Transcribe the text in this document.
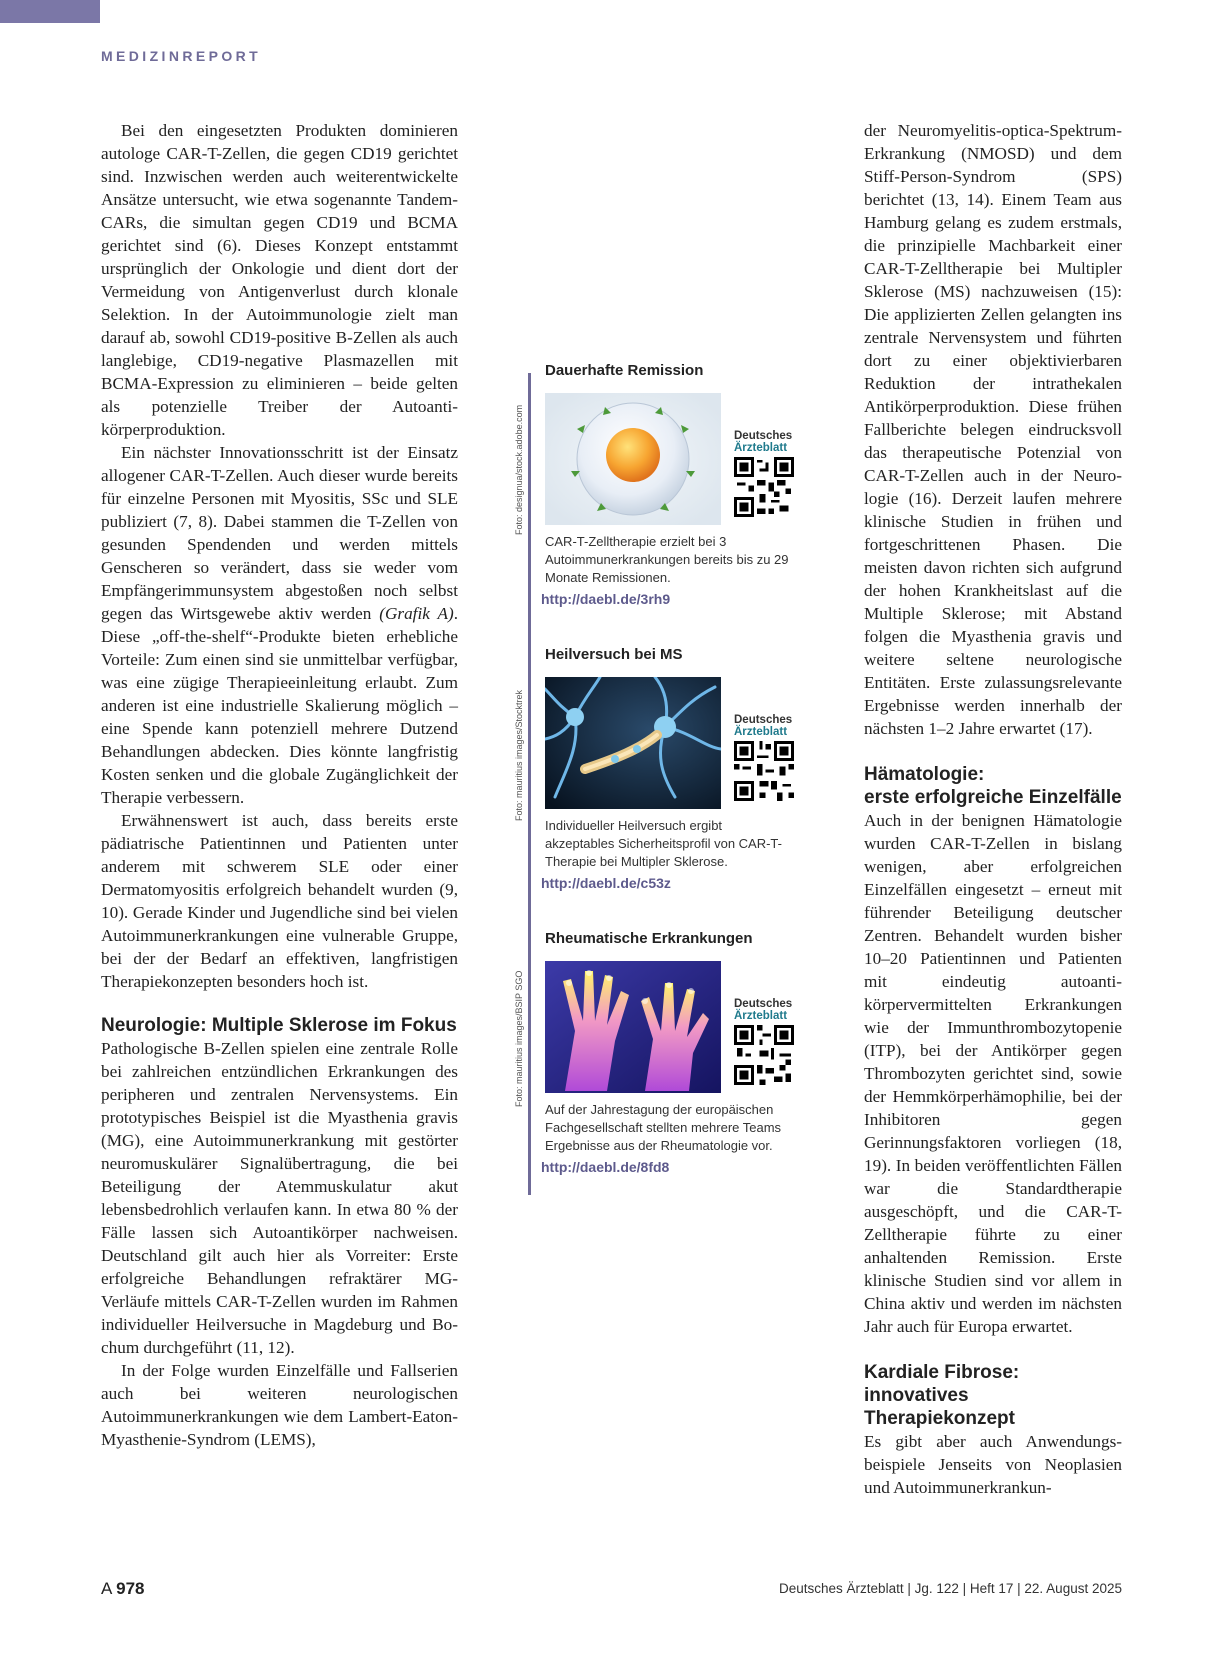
MEDIZINREPORT

Bei den eingesetzten Produkten dominieren autologe CAR-T-Zellen, die gegen CD19 gerichtet sind. Inzwischen werden auch weiterentwickelte Ansätze untersucht, wie etwa sogenannte Tandem-CARs, die simultan gegen CD19 und BCMA gerichtet sind (6). Dieses Konzept entstammt ursprünglich der Onkologie und dient dort der Vermeidung von Antigenverlust durch klonale Selektion. In der Autoimmunologie zielt man darauf ab, sowohl CD19-positive B-Zellen als auch langlebige, CD19-negative Plasmazellen mit BCMA-Expression zu eliminieren – beide gelten als potenzielle Treiber der Autoantikörperproduktion.

Ein nächster Innovationsschritt ist der Einsatz allogener CAR-T-Zellen. Auch dieser wurde bereits für einzelne Personen mit Myositis, SSc und SLE publiziert (7, 8). Dabei stammen die T-Zellen von gesunden Spendenden und werden mittels Genscheren so verändert, dass sie weder vom Empfängerimmunsystem abgestoßen noch selbst gegen das Wirtsgewebe aktiv werden (Grafik A). Diese „off-the-shelf“-Produkte bieten erhebliche Vorteile: Zum einen sind sie unmittelbar verfügbar, was eine zügige Therapieeinleitung erlaubt. Zum anderen ist eine industrielle Skalierung möglich – eine Spende kann potenziell mehrere Dutzend Behandlungen abdecken. Dies könnte langfristig Kosten senken und die globale Zugänglichkeit der Therapie verbessern.

Erwähnenswert ist auch, dass bereits erste pädiatrische Patientinnen und Patienten unter anderem mit schwerem SLE oder einer Dermatomyositis erfolgreich behandelt wurden (9, 10). Gerade Kinder und Jugendliche sind bei vielen Autoimmunerkrankungen eine vulnerable Gruppe, bei der der Bedarf an effektiven, langfristigen Therapiekonzepten besonders hoch ist.

Neurologie: Multiple Sklerose im Fokus

Pathologische B-Zellen spielen eine zentrale Rolle bei zahlreichen entzündlichen Erkrankungen des peripheren und zentralen Nervensystems. Ein prototypisches Beispiel ist die Myasthenia gravis (MG), eine Autoimmunerkrankung mit gestörter neuromuskulärer Signalübertragung, die bei Beteiligung der Atemmuskulatur akut lebensbedrohlich verlaufen kann. In etwa 80 % der Fälle lassen sich Autoantikörper nachweisen. Deutschland gilt auch hier als Vorreiter: Erste erfolgreiche Behandlungen refraktärer MG-Verläufe mittels CAR-T-Zellen wurden im Rahmen individueller Heilversuche in Magdeburg und Bochum durchgeführt (11, 12).

In der Folge wurden Einzelfälle und Fallserien auch bei weiteren neurologischen Autoimmunerkrankungen wie dem Lambert-Eaton-Myasthenie-Syndrom (LEMS),

Dauerhafte Remission
Deutsches
Ärzteblatt
CAR-T-Zelltherapie erzielt bei 3 Autoimmunerkrankungen bereits bis zu 29 Monate Remissionen.
http://daebl.de/3rh9
Heilversuch bei MS
Deutsches
Ärzteblatt
Individueller Heilversuch ergibt akzeptables Sicherheitsprofil von CAR-T-Therapie bei Multipler Sklerose.
http://daebl.de/c53z
Rheumatische Erkrankungen
Deutsches
Ärzteblatt
Auf der Jahrestagung der europäischen Fachgesellschaft stellten mehrere Teams Ergebnisse aus der Rheumatologie vor.
http://daebl.de/8fd8
Foto: designua/stock.adobe.com
Foto: mauritius images/Stocktrek
Foto: mauritius images/BSIP SGO

der Neuromyelitis-optica-Spektrum-Erkrankung (NMOSD) und dem Stiff-Person-Syndrom (SPS) berichtet (13, 14). Einem Team aus Hamburg gelang es zudem erstmals, die prinzipielle Machbarkeit einer CAR-T-Zelltherapie bei Multipler Sklerose (MS) nachzuweisen (15): Die applizierten Zellen gelangten ins zentrale Nervensystem und führten dort zu einer objektivierbaren Reduktion der intrathekalen Antikörperproduktion. Diese frühen Fallberichte belegen eindrucksvoll das therapeutische Potenzial von CAR-T-Zellen auch in der Neurologie (16). Derzeit laufen mehrere klinische Studien in frühen und fortgeschrittenen Phasen. Die meisten davon richten sich aufgrund der hohen Krankheitslast auf die Multiple Sklerose; mit Abstand folgen die Myasthenia gravis und weitere seltene neurologische Entitäten. Erste zulassungsrelevante Ergebnisse werden innerhalb der nächsten 1–2 Jahre erwartet (17).

Hämatologie:
erste erfolgreiche Einzelfälle

Auch in der benignen Hämatologie wurden CAR-T-Zellen in bislang wenigen, aber erfolgreichen Einzelfällen eingesetzt – erneut mit führender Beteiligung deutscher Zentren. Behandelt wurden bisher 10–20 Patientinnen und Patienten mit eindeutig autoantikörpervermittelten Erkrankungen wie der Immunthrombozytopenie (ITP), bei der Antikörper gegen Thrombozyten gerichtet sind, sowie der Hemmkörperhämophilie, bei der Inhibitoren gegen Gerinnungsfaktoren vorliegen (18, 19). In beiden veröffentlichten Fällen war die Standardtherapie ausgeschöpft, und die CAR-T-Zelltherapie führte zu einer anhaltenden Remission. Erste klinische Studien sind vor allem in China aktiv und werden im nächsten Jahr auch für Europa erwartet.

Kardiale Fibrose:
innovatives Therapiekonzept

Es gibt aber auch Anwendungsbeispiele Jenseits von Neoplasien und Autoimmunerkrankun-

A 978	Deutsches Ärzteblatt | Jg. 122 | Heft 17 | 22. August 2025
